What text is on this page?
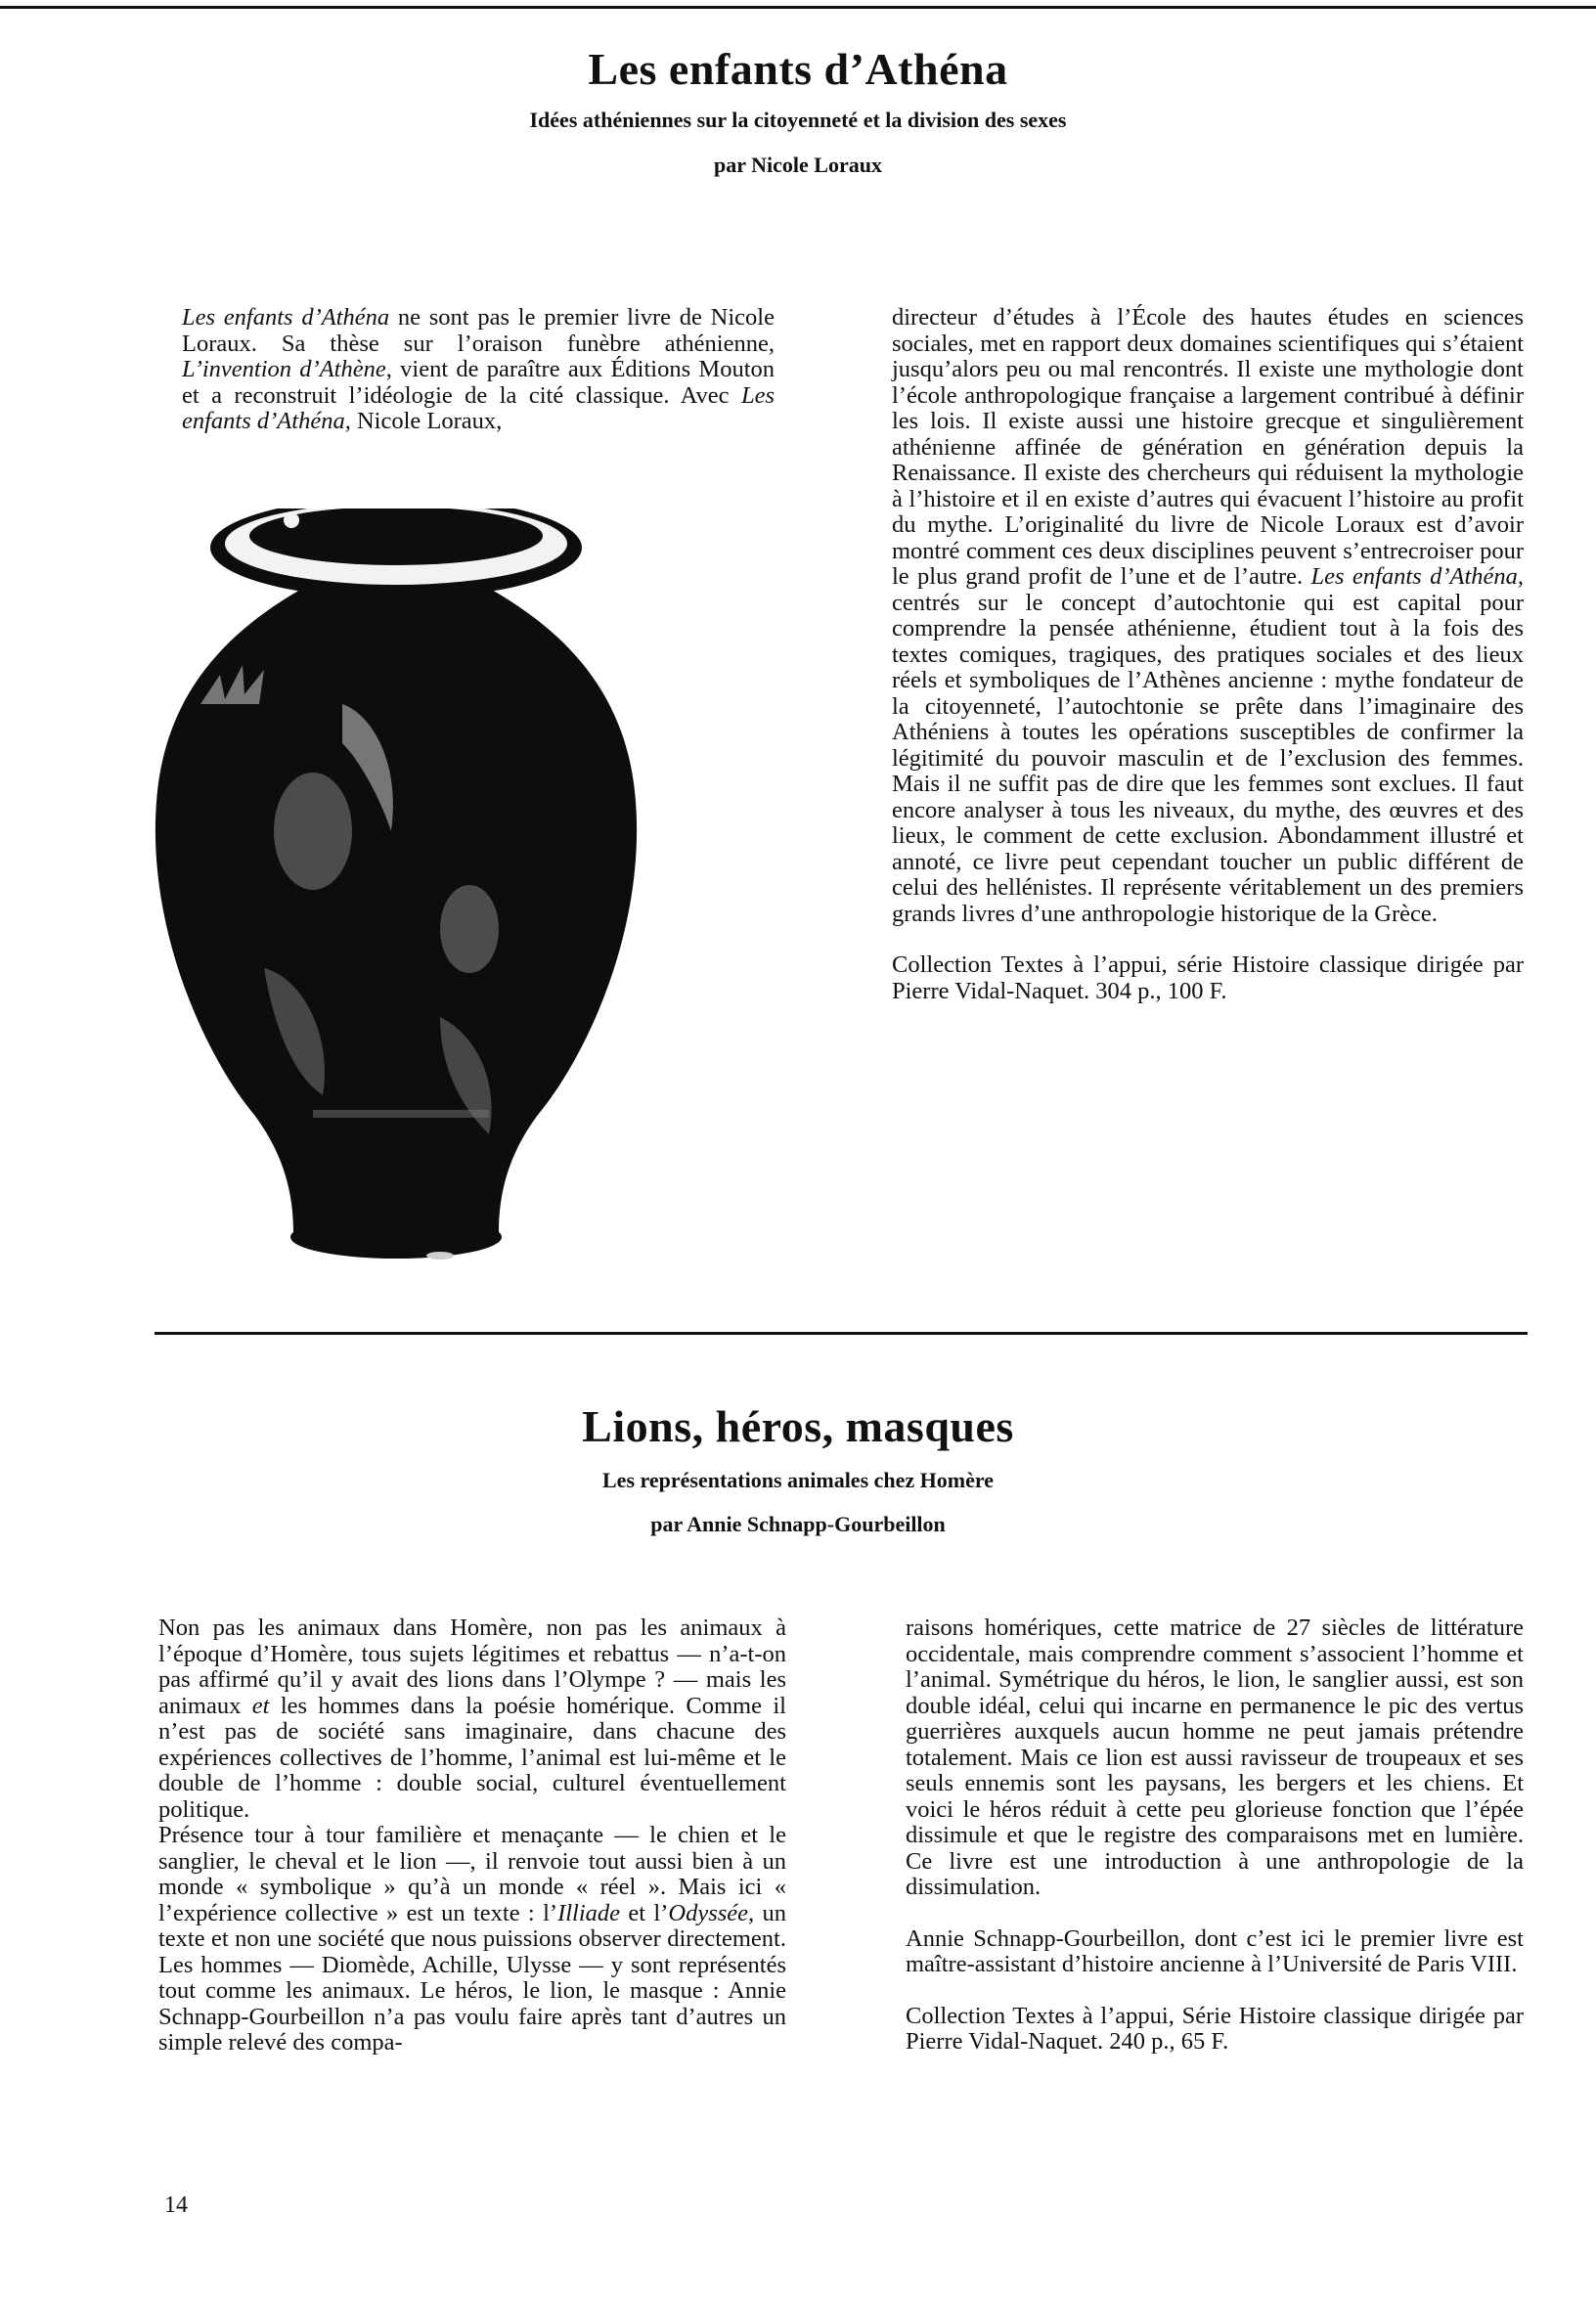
Les enfants d’Athéna
Idées athéniennes sur la citoyenneté et la division des sexes
par Nicole Loraux

Les enfants d’Athéna ne sont pas le premier livre de Nicole Loraux. Sa thèse sur l’oraison funèbre athénienne, L’invention d’Athène, vient de paraître aux Éditions Mouton et a reconstruit l’idéologie de la cité classique. Avec Les enfants d’Athéna, Nicole Loraux,

directeur d’études à l’École des hautes études en sciences sociales, met en rapport deux domaines scientifiques qui s’étaient jusqu’alors peu ou mal rencontrés. Il existe une mythologie dont l’école anthropologique française a largement contribué à définir les lois. Il existe aussi une histoire grecque et singulièrement athénienne affinée de génération en génération depuis la Renaissance. Il existe des chercheurs qui réduisent la mythologie à l’histoire et il en existe d’autres qui évacuent l’histoire au profit du mythe. L’originalité du livre de Nicole Loraux est d’avoir montré comment ces deux disciplines peuvent s’entrecroiser pour le plus grand profit de l’une et de l’autre. Les enfants d’Athéna, centrés sur le concept d’autochtonie qui est capital pour comprendre la pensée athénienne, étudient tout à la fois des textes comiques, tragiques, des pratiques sociales et des lieux réels et symboliques de l’Athènes ancienne : mythe fondateur de la citoyenneté, l’autochtonie se prête dans l’imaginaire des Athéniens à toutes les opérations susceptibles de confirmer la légitimité du pouvoir masculin et de l’exclusion des femmes. Mais il ne suffit pas de dire que les femmes sont exclues. Il faut encore analyser à tous les niveaux, du mythe, des œuvres et des lieux, le comment de cette exclusion. Abondamment illustré et annoté, ce livre peut cependant toucher un public différent de celui des hellénistes. Il représente véritablement un des premiers grands livres d’une anthropologie historique de la Grèce.

Collection Textes à l’appui, série Histoire classique dirigée par Pierre Vidal-Naquet. 304 p., 100 F.

Lions, héros, masques
Les représentations animales chez Homère
par Annie Schnapp-Gourbeillon

Non pas les animaux dans Homère, non pas les animaux à l’époque d’Homère, tous sujets légitimes et rebattus — n’a-t-on pas affirmé qu’il y avait des lions dans l’Olympe ? — mais les animaux et les hommes dans la poésie homérique. Comme il n’est pas de société sans imaginaire, dans chacune des expériences collectives de l’homme, l’animal est lui-même et le double de l’homme : double social, culturel éventuellement politique.

Présence tour à tour familière et menaçante — le chien et le sanglier, le cheval et le lion —, il renvoie tout aussi bien à un monde « symbolique » qu’à un monde « réel ». Mais ici « l’expérience collective » est un texte : l’Illiade et l’Odyssée, un texte et non une société que nous puissions observer directement. Les hommes — Diomède, Achille, Ulysse — y sont représentés tout comme les animaux. Le héros, le lion, le masque : Annie Schnapp-Gourbeillon n’a pas voulu faire après tant d’autres un simple relevé des compa-

raisons homériques, cette matrice de 27 siècles de littérature occidentale, mais comprendre comment s’associent l’homme et l’animal. Symétrique du héros, le lion, le sanglier aussi, est son double idéal, celui qui incarne en permanence le pic des vertus guerrières auxquels aucun homme ne peut jamais prétendre totalement. Mais ce lion est aussi ravisseur de troupeaux et ses seuls ennemis sont les paysans, les bergers et les chiens. Et voici le héros réduit à cette peu glorieuse fonction que l’épée dissimule et que le registre des comparaisons met en lumière. Ce livre est une introduction à une anthropologie de la dissimulation.

Annie Schnapp-Gourbeillon, dont c’est ici le premier livre est maître-assistant d’histoire ancienne à l’Université de Paris VIII.

Collection Textes à l’appui, Série Histoire classique dirigée par Pierre Vidal-Naquet. 240 p., 65 F.

14
